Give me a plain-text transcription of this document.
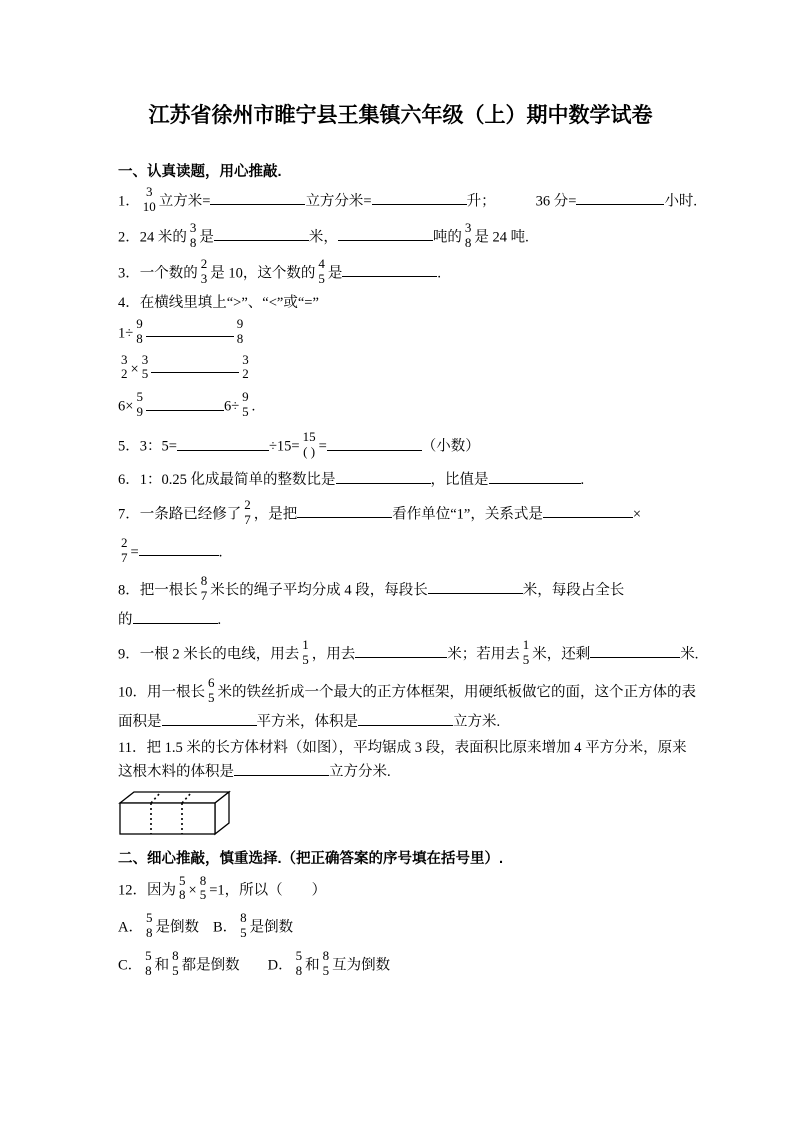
江苏省徐州市睢宁县王集镇六年级（上）期中数学试卷
一、认真读题，用心推敲.
1．
3
10 立方米=	立方分米=	升；	36 分=	小时.
2．24 米的
3
8 是	米，	吨的
3
8 是 24 吨.
3．一个数的
2
3 是 10，这个数的
4
5 是	.
4．在横线里填上“>”、“<”或“=”
1÷
9
8
9
8
3
2 ×
3
5
3
2
6×
5
9	6÷
9
5 .
5．3：5=	÷15=
15
( ) =	（小数）
6．1：0.25 化成最简单的整数比是	，比值是	.
7．一条路已经修了
2
7 ，是把	看作单位“1”，关系式是	×
2
7 =	.
8．把一根长
8
7 米长的绳子平均分成 4 段，每段长	米，每段占全长
的	.
9．一根 2 米长的电线，用去
1
5 ，用去	米；若用去
1
5 米，还剩	米.
10．用一根长
6
5 米的铁丝折成一个最大的正方体框架，用硬纸板做它的面，这个正方体的表
面积是	平方米，体积是	立方米.
11．把 1.5 米的长方体材料（如图），平均锯成 3 段，表面积比原来增加 4 平方分米，原来
这根木料的体积是	立方分米.
二、细心推敲，慎重选择.（把正确答案的序号填在括号里）.
12．因为
5
8 ×
8
5 =1，所以（　　）
A．
5
8 是倒数 B．
8
5 是倒数
C．
5
8 和
8
5 都是倒数 D．
5
8 和
8
5 互为倒数
